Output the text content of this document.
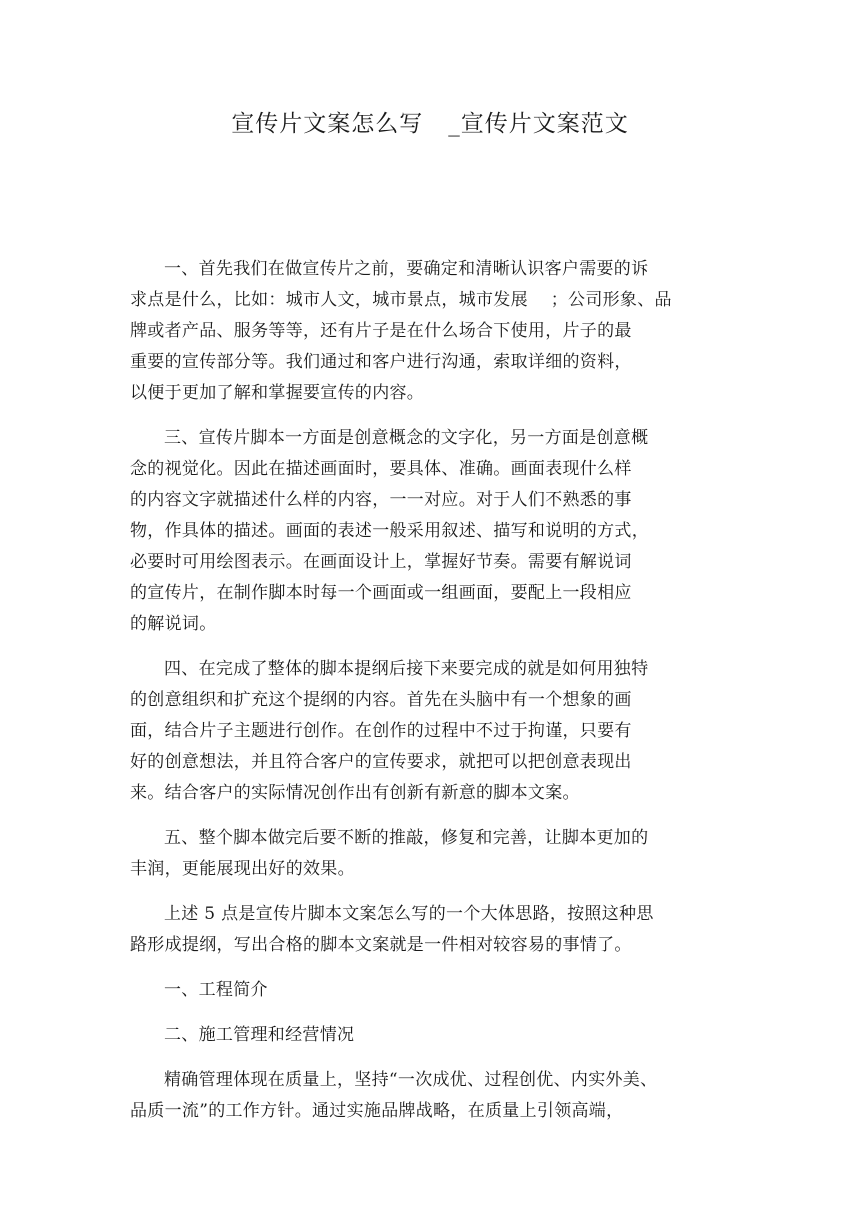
宣传片文案怎么写   _宣传片文案范文
一、首先我们在做宣传片之前，要确定和清晰认识客户需要的诉
求点是什么，比如：城市人文，城市景点，城市发展    ；公司形象、品
牌或者产品、服务等等，还有片子是在什么场合下使用，片子的最
重要的宣传部分等。我们通过和客户进行沟通，索取详细的资料，
以便于更加了解和掌握要宣传的内容。
三、宣传片脚本一方面是创意概念的文字化，另一方面是创意概
念的视觉化。因此在描述画面时，要具体、准确。画面表现什么样
的内容文字就描述什么样的内容，一一对应。对于人们不熟悉的事
物，作具体的描述。画面的表述一般采用叙述、描写和说明的方式，
必要时可用绘图表示。在画面设计上，掌握好节奏。需要有解说词
的宣传片，在制作脚本时每一个画面或一组画面，要配上一段相应
的解说词。
四、在完成了整体的脚本提纲后接下来要完成的就是如何用独特
的创意组织和扩充这个提纲的内容。首先在头脑中有一个想象的画
面，结合片子主题进行创作。在创作的过程中不过于拘谨，只要有
好的创意想法，并且符合客户的宣传要求，就把可以把创意表现出
来。结合客户的实际情况创作出有创新有新意的脚本文案。
五、整个脚本做完后要不断的推敲，修复和完善，让脚本更加的
丰润，更能展现出好的效果。
上述 5 点是宣传片脚本文案怎么写的一个大体思路，按照这种思
路形成提纲，写出合格的脚本文案就是一件相对较容易的事情了。
一、工程简介
二、施工管理和经营情况
精确管理体现在质量上，坚持“一次成优、过程创优、内实外美、
品质一流”的工作方针。通过实施品牌战略，在质量上引领高端，
